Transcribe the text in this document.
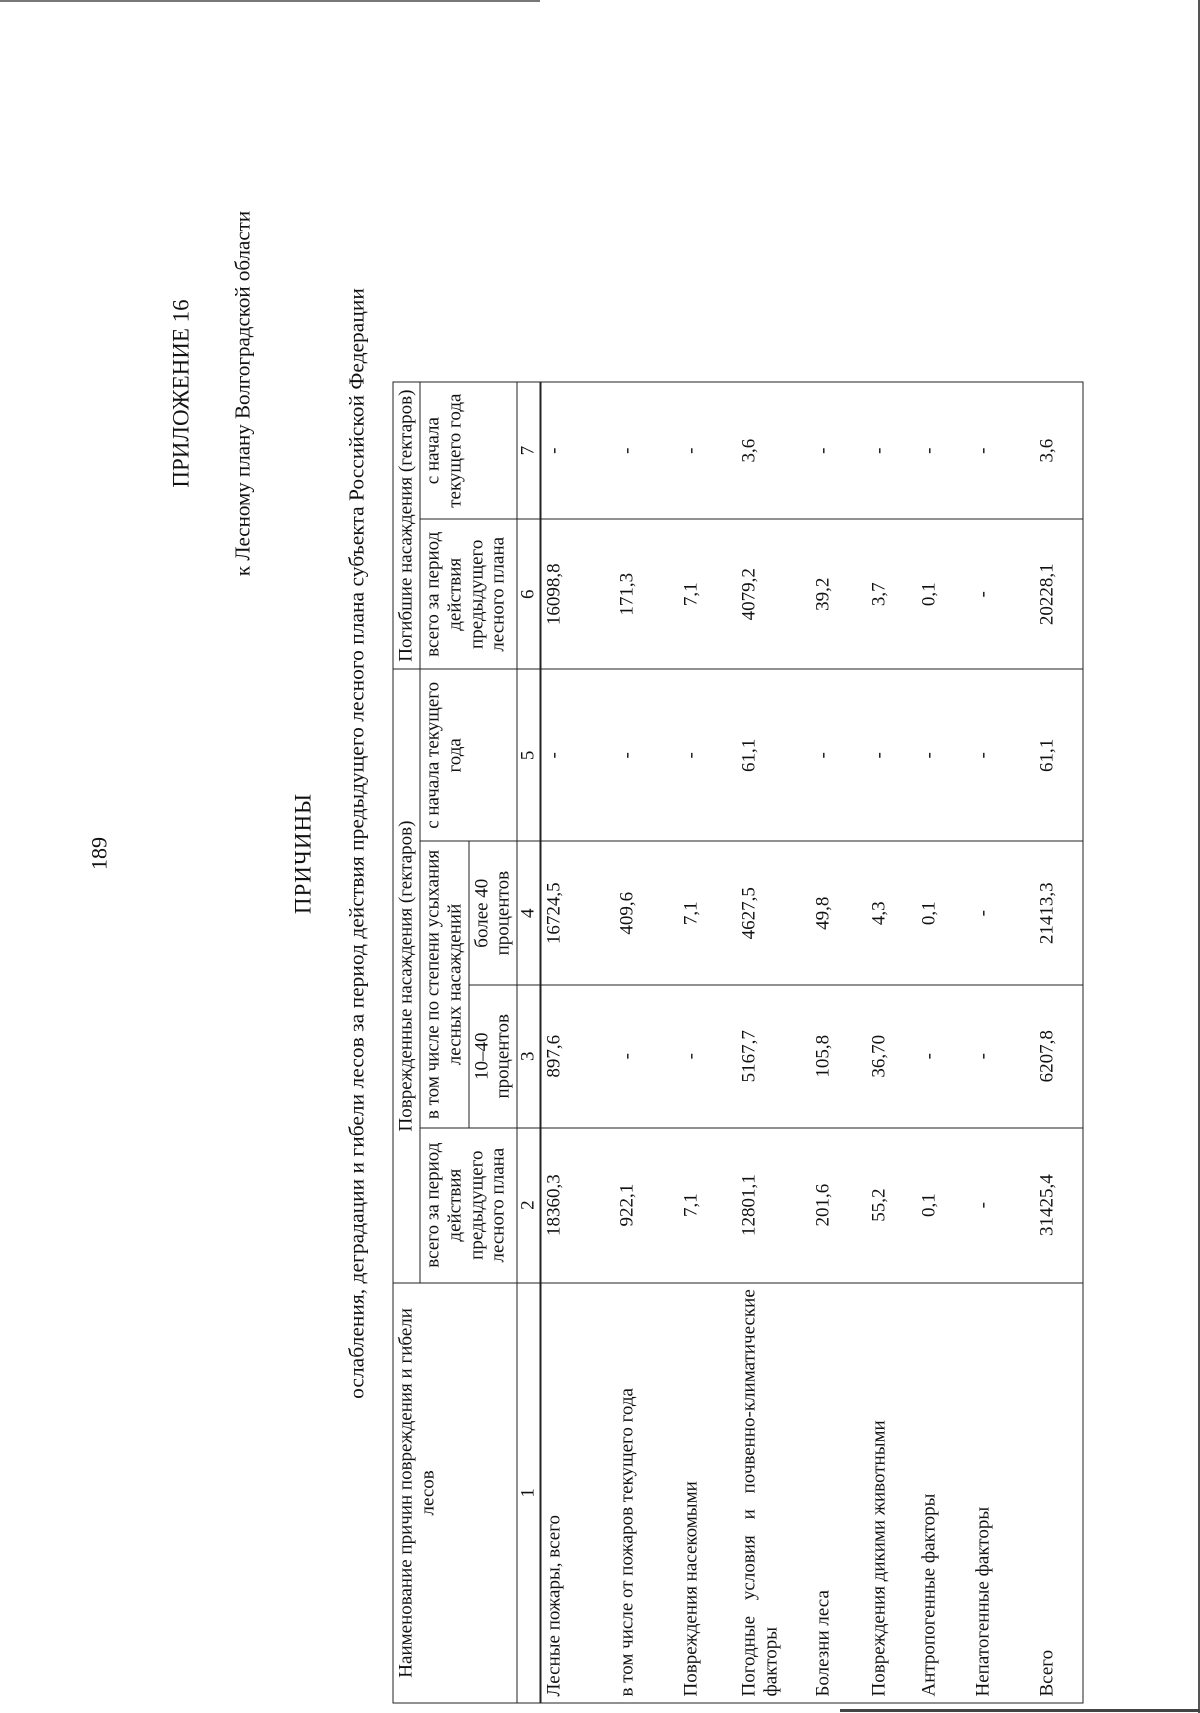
189
ПРИЛОЖЕНИЕ 16 к Лесному плану Волгоградской области
ПРИЧИНЫ ослабления, деградации и гибели лесов за период действия предыдущего лесного плана субъекта Российской Федерации
Наименование причин повреждения и гибели лесов	Поврежденные насаждения (гектаров)				Погибшие насаждения (гектаров)	
	всего за период действия предыдущего лесного плана	в том числе по степени усыхания лесных насаждений		с начала текущего года	всего за период действия предыдущего лесного плана	с начала текущего года
		10–40 процентов	более 40 процентов			
1	2	3	4	5	6	7
Лесные пожары, всего	18360,3	897,6	16724,5	-	16098,8	-
в том числе от пожаров текущего года	922,1	-	409,6	-	171,3	-
Повреждения насекомыми	7,1	-	7,1	-	7,1	-
Погодные условия и почвенно-климатические факторы	12801,1	5167,7	4627,5	61,1	4079,2	3,6
Болезни леса	201,6	105,8	49,8	-	39,2	-
Повреждения дикими животными	55,2	36,70	4,3	-	3,7	-
Антропогенные факторы	0,1	-	0,1	-	0,1	-
Непатогенные факторы	-	-	-	-	-	-
Всего	31425,4	6207,8	21413,3	61,1	20228,1	3,6
